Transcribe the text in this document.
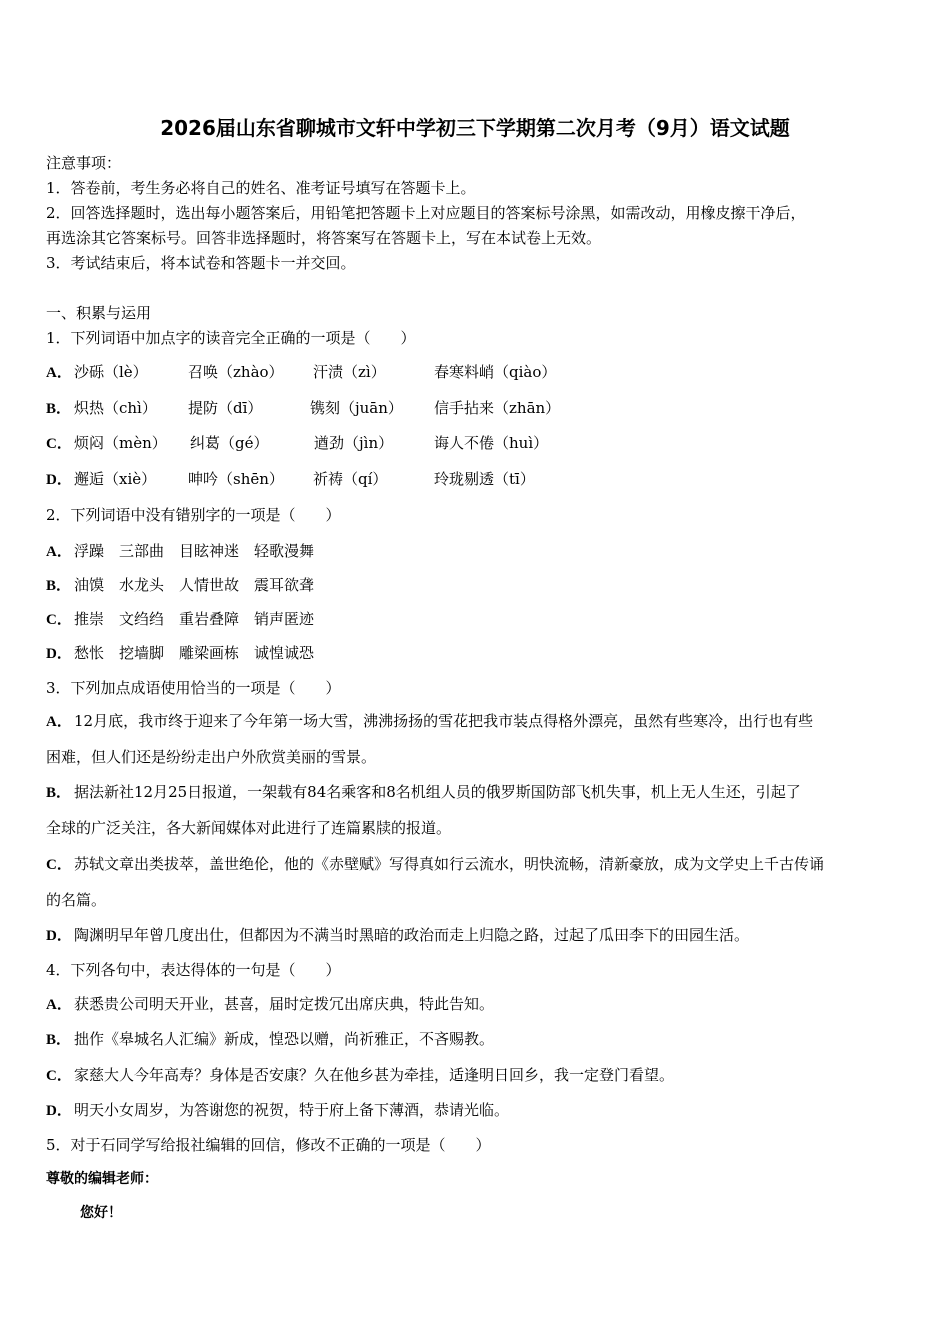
2026届山东省聊城市文轩中学初三下学期第二次月考（9月）语文试题
注意事项：
1．答卷前，考生务必将自己的姓名、准考证号填写在答题卡上。
2．回答选择题时，选出每小题答案后，用铅笔把答题卡上对应题目的答案标号涂黑，如需改动，用橡皮擦干净后，
再选涂其它答案标号。回答非选择题时，将答案写在答题卡上，写在本试卷上无效。
3．考试结束后，将本试卷和答题卡一并交回。
一、积累与运用
1．下列词语中加点字的读音完全正确的一项是（　　）
A． 沙砾（lè）	召唤（zhào） 汗渍（zì）	春寒料峭（qiào）
B． 炽热（chì） 提防（dī）	镌刻（juān） 信手拈来（zhān）
C． 烦闷（mèn） 纠葛（gé）	遒劲（jìn）	诲人不倦（huì）
D． 邂逅（xiè） 呻吟（shēn） 祈祷（qí）	玲珑剔透（tī）
2．下列词语中没有错别字的一项是（　　）
A． 浮躁　三部曲　目眩神迷　轻歌漫舞
B． 油馍　水龙头　人情世故　震耳欲聋
C． 推崇　文绉绉　重岩叠障　销声匿迹
D． 愁怅　挖墙脚　雕梁画栋　诚惶诚恐
3．下列加点成语使用恰当的一项是（　　）
A． 12月底，我市终于迎来了今年第一场大雪，沸沸扬扬的雪花把我市装点得格外漂亮，虽然有些寒冷，出行也有些
困难，但人们还是纷纷走出户外欣赏美丽的雪景。
B． 据法新社12月25日报道，一架载有84名乘客和8名机组人员的俄罗斯国防部飞机失事，机上无人生还，引起了
全球的广泛关注，各大新闻媒体对此进行了连篇累牍的报道。
C． 苏轼文章出类拔萃，盖世绝伦，他的《赤壁赋》写得真如行云流水，明快流畅，清新豪放，成为文学史上千古传诵
的名篇。
D． 陶渊明早年曾几度出仕，但都因为不满当时黑暗的政治而走上归隐之路，过起了瓜田李下的田园生活。
4．下列各句中，表达得体的一句是（　　）
A． 获悉贵公司明天开业，甚喜，届时定拨冗出席庆典，特此告知。
B． 拙作《皋城名人汇编》新成，惶恐以赠，尚祈雅正，不吝赐教。
C． 家慈大人今年高寿？身体是否安康？久在他乡甚为牵挂，适逢明日回乡，我一定登门看望。
D． 明天小女周岁，为答谢您的祝贺，特于府上备下薄酒，恭请光临。
5．对于石同学写给报社编辑的回信，修改不正确的一项是（　　）
尊敬的编辑老师：
您好！
